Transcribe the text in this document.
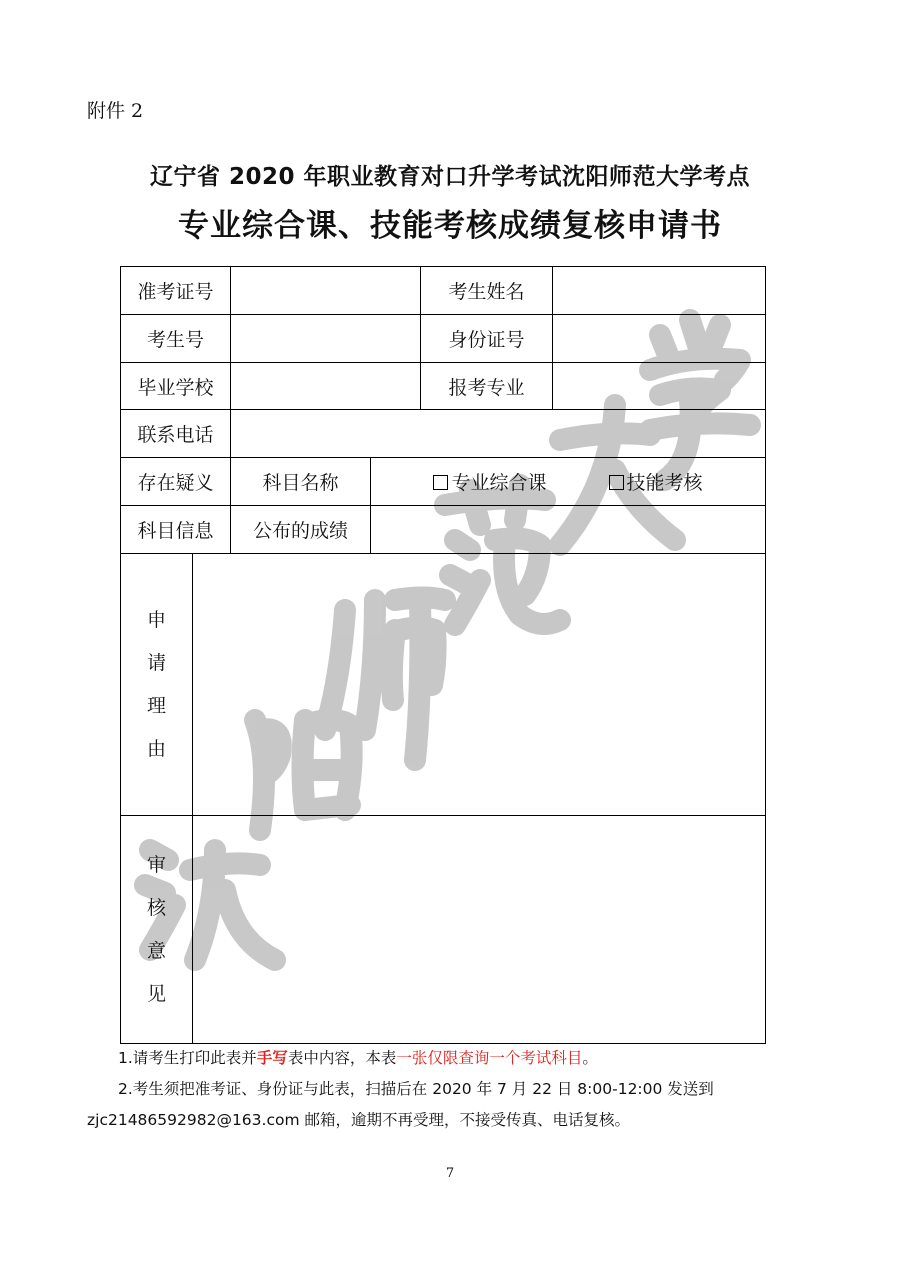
附件 2
辽宁省 2020 年职业教育对口升学考试沈阳师范大学考点
专业综合课、技能考核成绩复核申请书
准考证号				考生姓名	
考生号				身份证号	
毕业学校				报考专业	
联系电话					
存在疑义		科目名称	专业综合课 技能考核		
科目信息		公布的成绩			

申
请
理
由					

审
核
意
见					

1.请考生打印此表并手写表中内容，本表一张仅限查询一个考试科目。
2.考生须把准考证、身份证与此表，扫描后在 2020 年 7 月 22 日 8:00-12:00 发送到
zjc21486592982@163.com 邮箱，逾期不再受理，不接受传真、电话复核。
7
